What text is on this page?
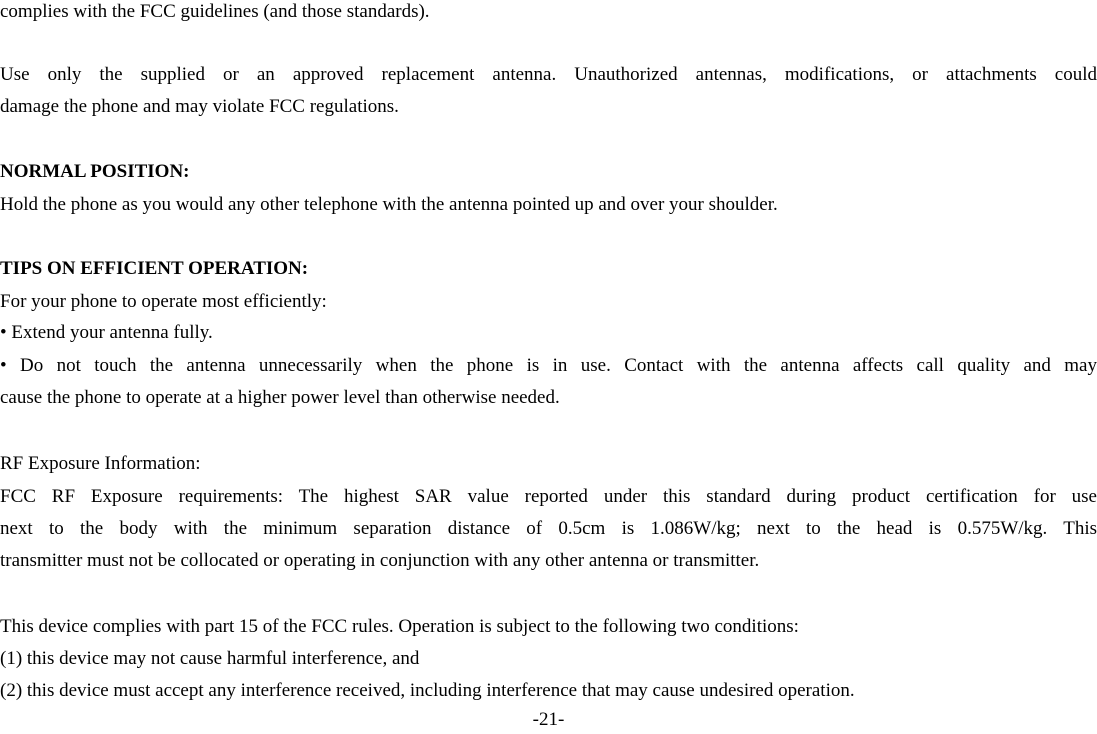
complies with the FCC guidelines (and those standards).
Use only the supplied or an approved replacement antenna. Unauthorized antennas, modifications, or attachments could
damage the phone and may violate FCC regulations.
NORMAL POSITION:
Hold the phone as you would any other telephone with the antenna pointed up and over your shoulder.
TIPS ON EFFICIENT OPERATION:
For your phone to operate most efficiently:
• Extend your antenna fully.
• Do not touch the antenna unnecessarily when the phone is in use. Contact with the antenna affects call quality and may
cause the phone to operate at a higher power level than otherwise needed.
RF Exposure Information:
FCC RF Exposure requirements: The highest SAR value reported under this standard during product certification for use
next to the body with the minimum separation distance of 0.5cm is 1.086W/kg; next to the head is 0.575W/kg. This
transmitter must not be collocated or operating in conjunction with any other antenna or transmitter.
This device complies with part 15 of the FCC rules. Operation is subject to the following two conditions:
(1) this device may not cause harmful interference, and
(2) this device must accept any interference received, including interference that may cause undesired operation.
-21-
